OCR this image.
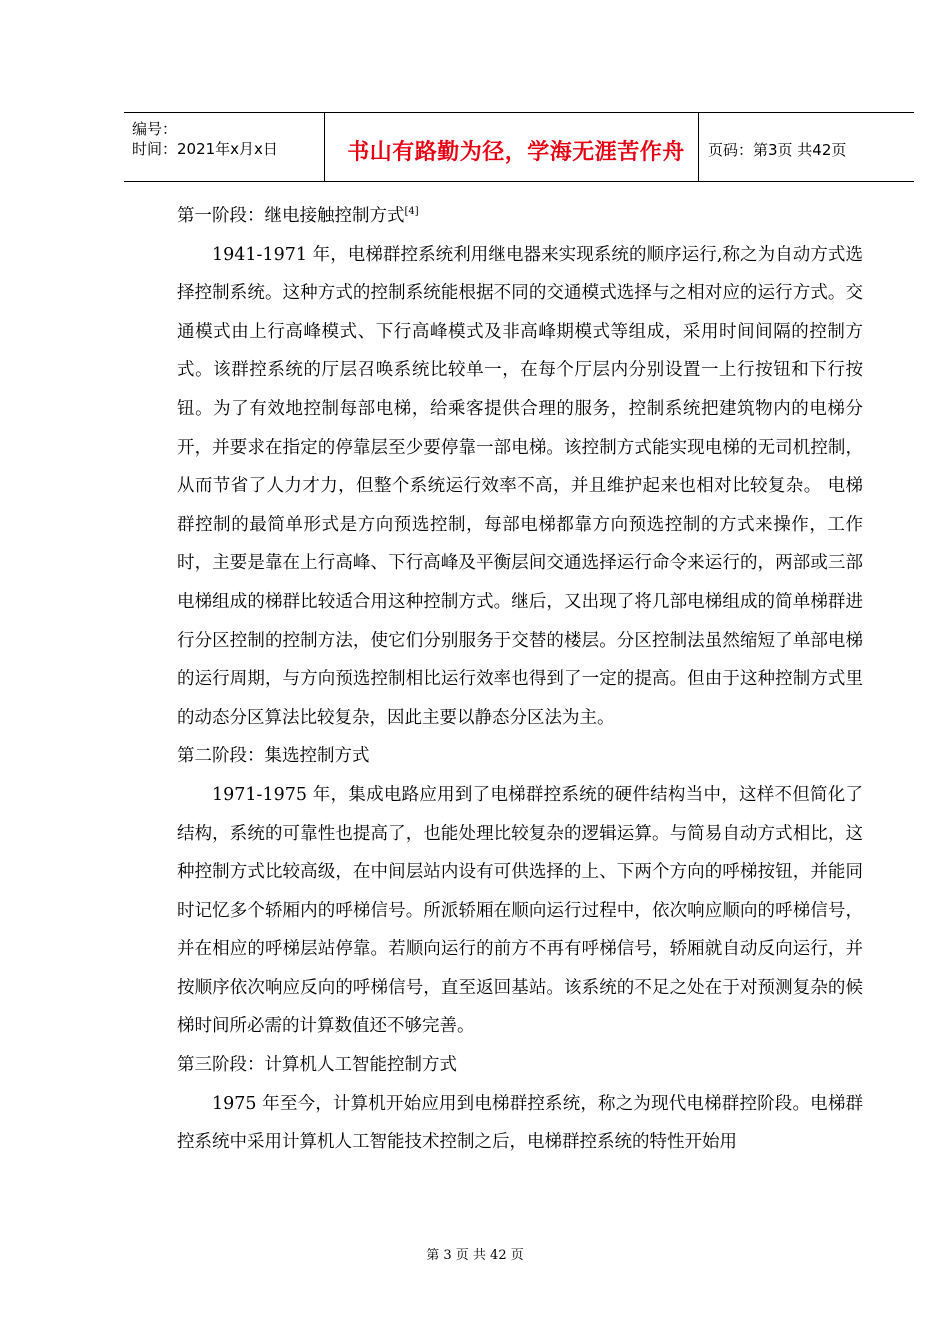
编号：
时间：2021年x月x日	书山有路勤为径，学海无涯苦作舟 页码：第3页 共42页

第一阶段：继电接触控制方式[4]

1941-1971 年，电梯群控系统利用继电器来实现系统的顺序运行,称之为自动方式选择控制系统。这种方式的控制系统能根据不同的交通模式选择与之相对应的运行方式。交通模式由上行高峰模式、下行高峰模式及非高峰期模式等组成，采用时间间隔的控制方式。该群控系统的厅层召唤系统比较单一，在每个厅层内分别设置一上行按钮和下行按钮。为了有效地控制每部电梯，给乘客提供合理的服务，控制系统把建筑物内的电梯分开，并要求在指定的停靠层至少要停靠一部电梯。该控制方式能实现电梯的无司机控制，从而节省了人力才力，但整个系统运行效率不高，并且维护起来也相对比较复杂。 电梯群控制的最简单形式是方向预选控制，每部电梯都靠方向预选控制的方式来操作，工作时，主要是靠在上行高峰、下行高峰及平衡层间交通选择运行命令来运行的，两部或三部电梯组成的梯群比较适合用这种控制方式。继后，又出现了将几部电梯组成的简单梯群进行分区控制的控制方法，使它们分别服务于交替的楼层。分区控制法虽然缩短了单部电梯的运行周期，与方向预选控制相比运行效率也得到了一定的提高。但由于这种控制方式里的动态分区算法比较复杂，因此主要以静态分区法为主。

第二阶段：集选控制方式

1971-1975 年，集成电路应用到了电梯群控系统的硬件结构当中，这样不但简化了结构，系统的可靠性也提高了，也能处理比较复杂的逻辑运算。与简易自动方式相比，这种控制方式比较高级，在中间层站内设有可供选择的上、下两个方向的呼梯按钮，并能同时记忆多个轿厢内的呼梯信号。所派轿厢在顺向运行过程中，依次响应顺向的呼梯信号，并在相应的呼梯层站停靠。若顺向运行的前方不再有呼梯信号，轿厢就自动反向运行，并按顺序依次响应反向的呼梯信号，直至返回基站。该系统的不足之处在于对预测复杂的候梯时间所必需的计算数值还不够完善。

第三阶段：计算机人工智能控制方式

1975 年至今，计算机开始应用到电梯群控系统，称之为现代电梯群控阶段。电梯群控系统中采用计算机人工智能技术控制之后，电梯群控系统的特性开始用

第 3 页 共 42 页
